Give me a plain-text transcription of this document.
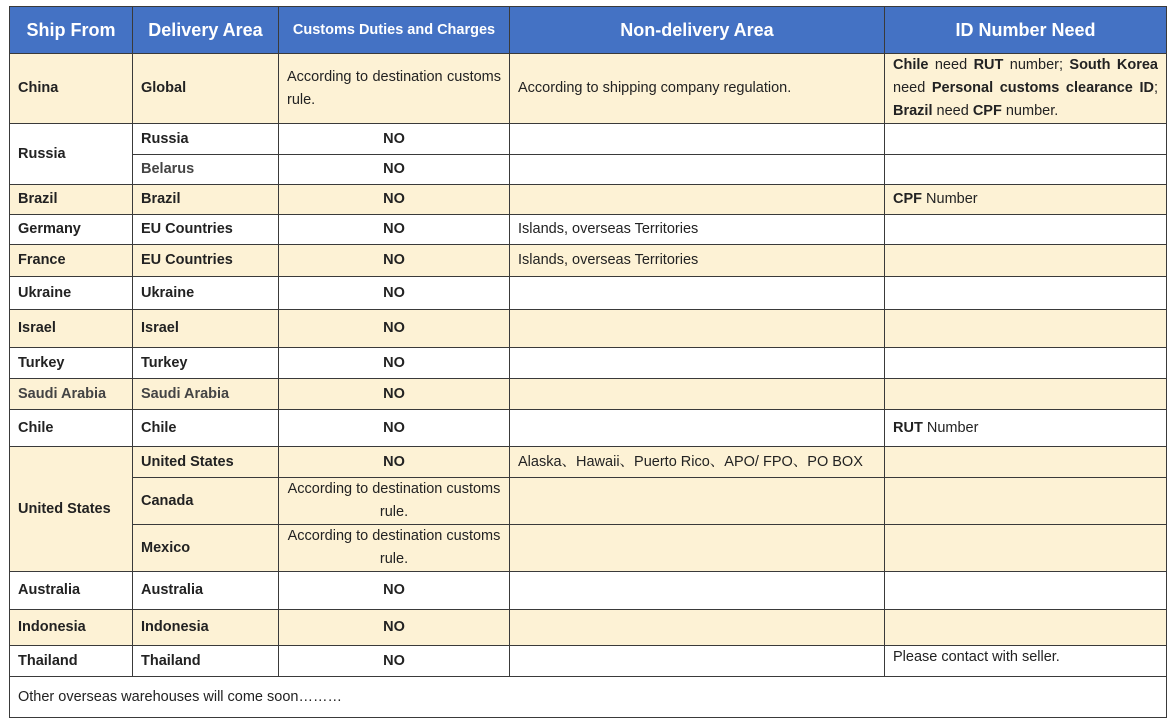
Ship From	Delivery Area	Customs Duties and Charges	Non-delivery Area	ID Number Need
China	Global	According to destination customs rule.	According to shipping company regulation.	Chile need RUT number; South Korea need Personal customs clearance ID; Brazil need CPF number.
Russia	Russia	NO		
	Belarus	NO		
Brazil	Brazil	NO		CPF Number
Germany	EU Countries	NO	Islands, overseas Territories	
France	EU Countries	NO	Islands, overseas Territories	
Ukraine	Ukraine	NO		
Israel	Israel	NO		
Turkey	Turkey	NO		
Saudi Arabia	Saudi Arabia	NO		
Chile	Chile	NO		RUT Number
United States	United States	NO	Alaska、Hawaii、Puerto Rico、APO/ FPO、PO BOX	
	Canada	According to destination customs rule.		
	Mexico	According to destination customs rule.		
Australia	Australia	NO		
Indonesia	Indonesia	NO		
Thailand	Thailand	NO		Please contact with seller.
Other overseas warehouses will come soon………				
